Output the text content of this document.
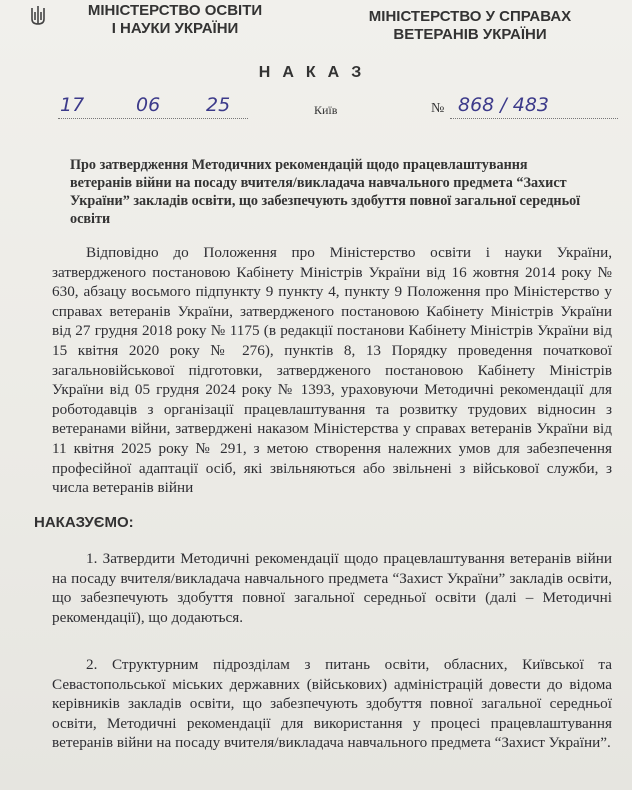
МІНІСТЕРСТВО ОСВІТИ
І НАУКИ УКРАЇНИ
МІНІСТЕРСТВО У СПРАВАХ
ВЕТЕРАНІВ УКРАЇНИ
НАКАЗ
17	06 25	Київ	№ 868 / 483
Про затвердження Методичних рекомендацій щодо працевлаштування ветеранів війни на посаду вчителя/викладача навчального предмета “Захист України” закладів освіти, що забезпечують здобуття повної загальної середньої освіти
Відповідно до Положення про Міністерство освіти і науки України, затвердженого постановою Кабінету Міністрів України від 16 жовтня 2014 року № 630, абзацу восьмого підпункту 9 пункту 4, пункту 9 Положення про Міністерство у справах ветеранів України, затвердженого постановою Кабінету Міністрів України від 27 грудня 2018 року № 1175 (в редакції постанови Кабінету Міністрів України від 15 квітня 2020 року № 276), пунктів 8, 13 Порядку проведення початкової загальновійськової підготовки, затвердженого постановою Кабінету Міністрів України від 05 грудня 2024 року № 1393, ураховуючи Методичні рекомендації для роботодавців з організації працевлаштування та розвитку трудових відносин з ветеранами війни, затверджені наказом Міністерства у справах ветеранів України від 11 квітня 2025 року № 291, з метою створення належних умов для забезпечення професійної адаптації осіб, які звільняються або звільнені з військової служби, з числа ветеранів війни
НАКАЗУЄМО:
1. Затвердити Методичні рекомендації щодо працевлаштування ветеранів війни на посаду вчителя/викладача навчального предмета “Захист України” закладів освіти, що забезпечують здобуття повної загальної середньої освіти (далі – Методичні рекомендації), що додаються.
2. Структурним підрозділам з питань освіти, обласних, Київської та Севастопольської міських державних (військових) адміністрацій довести до відома керівників закладів освіти, що забезпечують здобуття повної загальної середньої освіти, Методичні рекомендації для використання у процесі працевлаштування ветеранів війни на посаду вчителя/викладача навчального предмета “Захист України”.
